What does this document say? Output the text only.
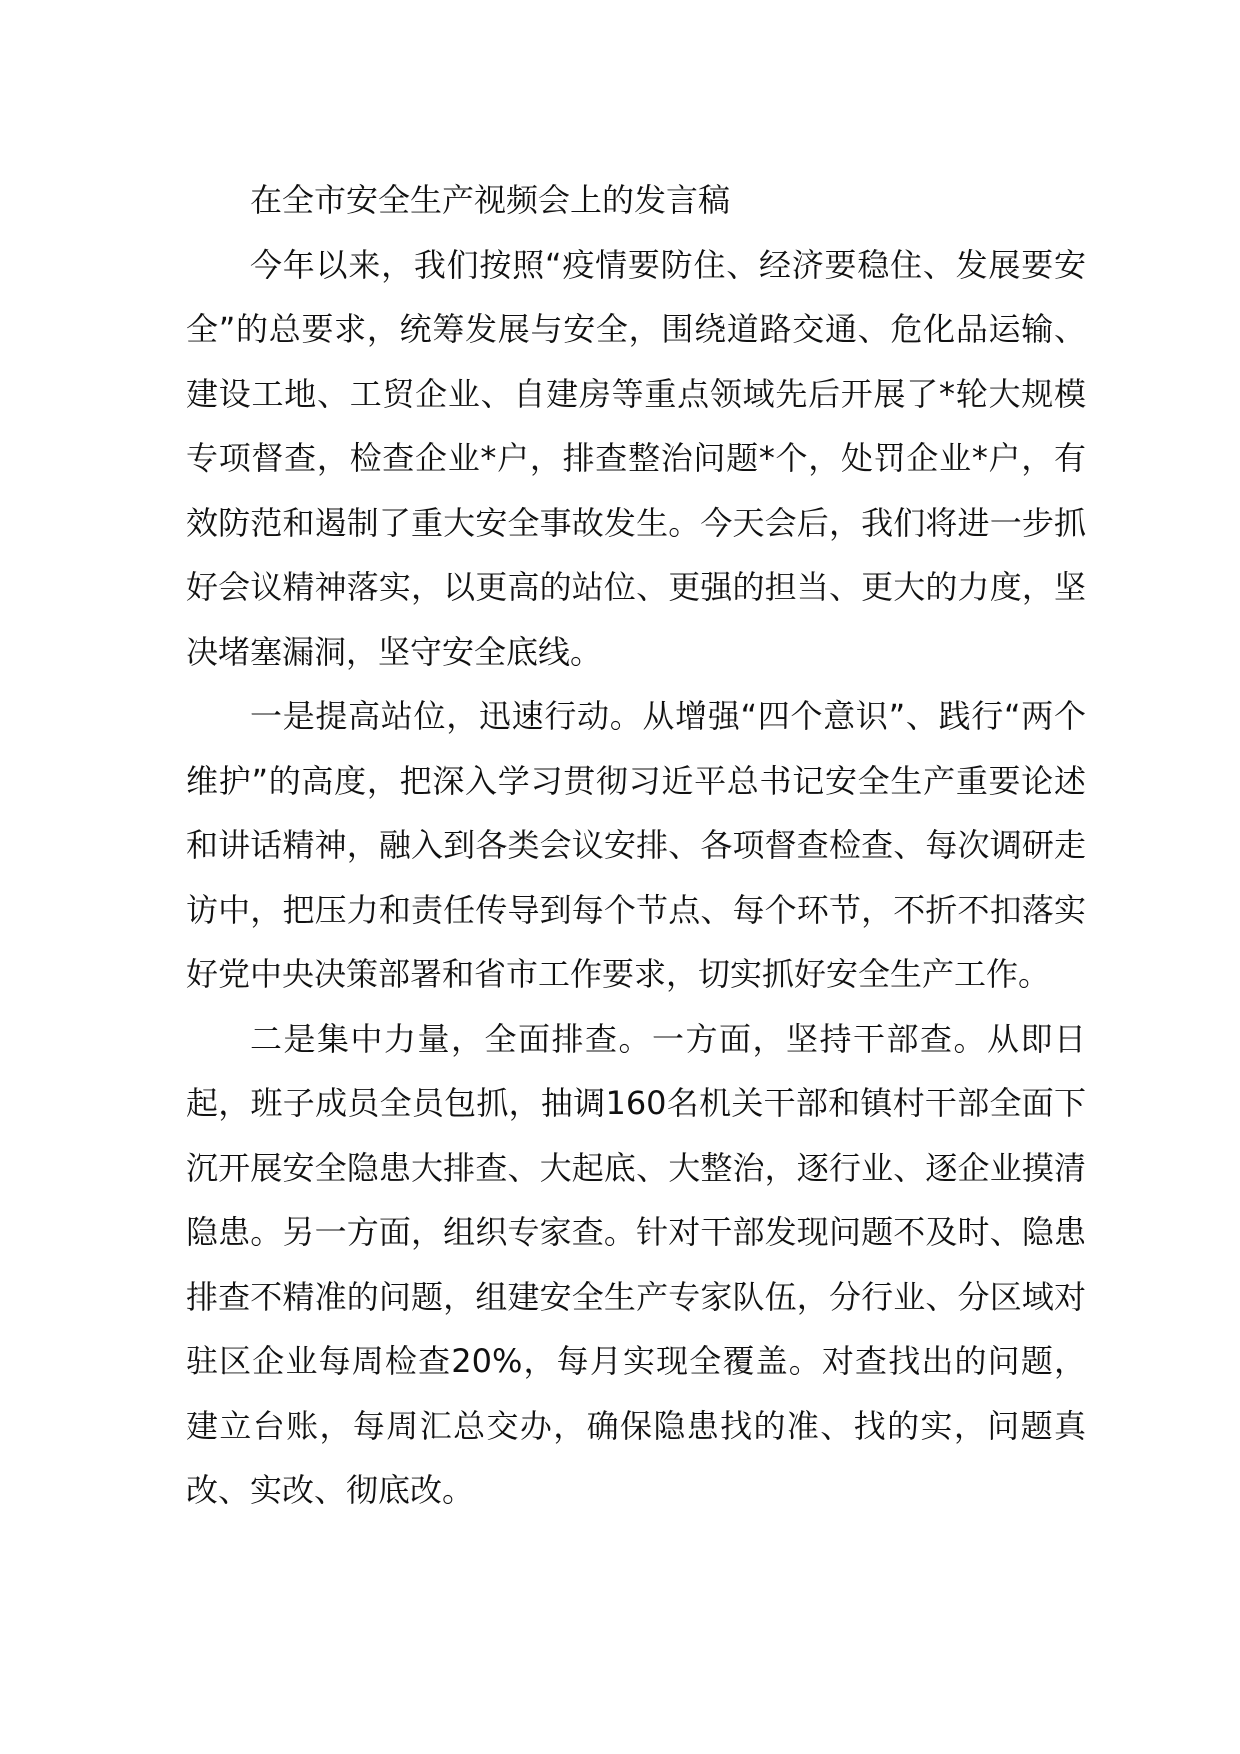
在全市安全生产视频会上的发言稿

今年以来，我们按照“疫情要防住、经济要稳住、发展要安全”的总要求，统筹发展与安全，围绕道路交通、危化品运输、建设工地、工贸企业、自建房等重点领域先后开展了*轮大规模专项督查，检查企业*户，排查整治问题*个，处罚企业*户，有效防范和遏制了重大安全事故发生。今天会后，我们将进一步抓好会议精神落实，以更高的站位、更强的担当、更大的力度，坚决堵塞漏洞，坚守安全底线。

一是提高站位，迅速行动。从增强“四个意识”、践行“两个维护”的高度，把深入学习贯彻习近平总书记安全生产重要论述和讲话精神，融入到各类会议安排、各项督查检查、每次调研走访中，把压力和责任传导到每个节点、每个环节，不折不扣落实好党中央决策部署和省市工作要求，切实抓好安全生产工作。

二是集中力量，全面排查。一方面，坚持干部查。从即日起，班子成员全员包抓，抽调160名机关干部和镇村干部全面下沉开展安全隐患大排查、大起底、大整治，逐行业、逐企业摸清隐患。另一方面，组织专家查。针对干部发现问题不及时、隐患排查不精准的问题，组建安全生产专家队伍，分行业、分区域对驻区企业每周检查20%，每月实现全覆盖。对查找出的问题，建立台账，每周汇总交办，确保隐患找的准、找的实，问题真改、实改、彻底改。
